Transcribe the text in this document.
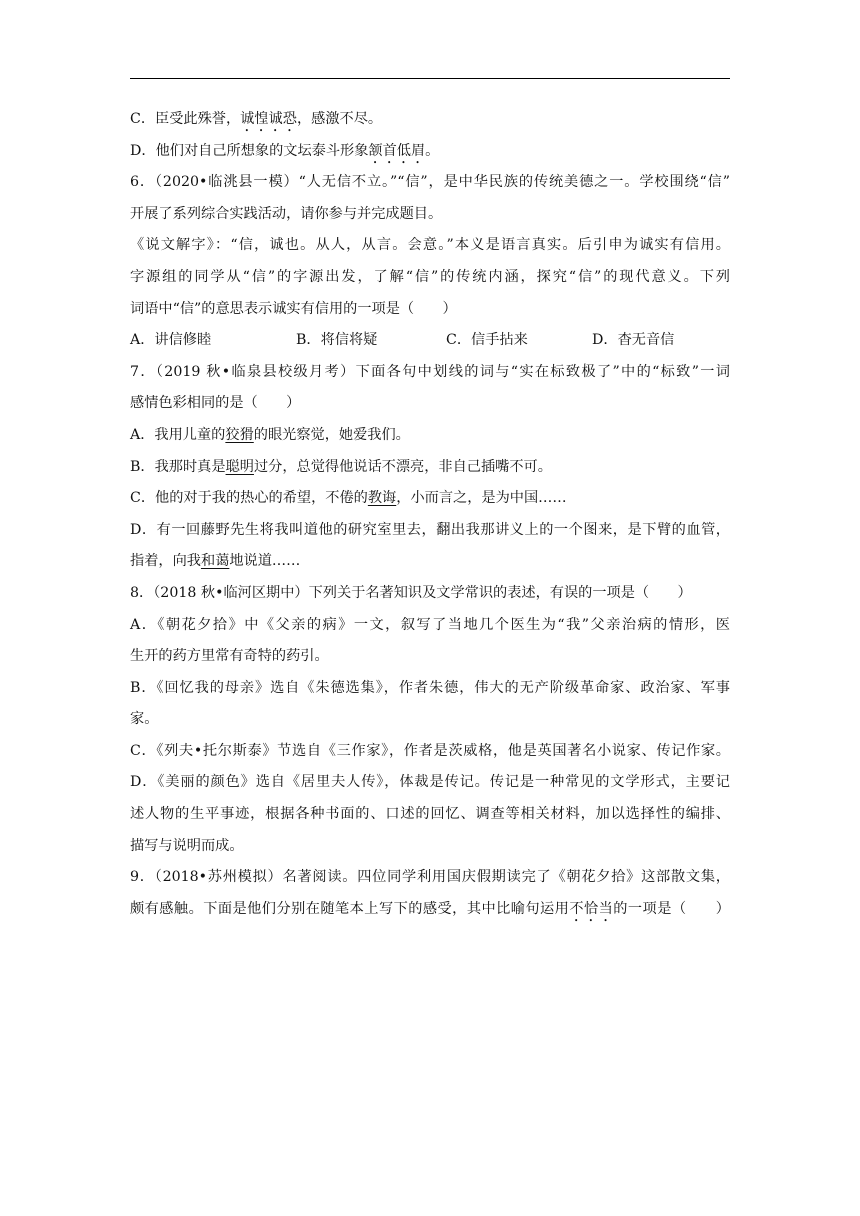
C．臣受此殊誉，诚惶诚恐，感激不尽。

D．他们对自己所想象的文坛泰斗形象颔首低眉。

6．（2020•临洮县一模）“人无信不立。”“信”，是中华民族的传统美德之一。学校围绕“信”

开展了系列综合实践活动，请你参与并完成题目。

《说文解字》：“信，诚也。从人，从言。会意。”本义是语言真实。后引申为诚实有信用。

字源组的同学从“信”的字源出发，了解“信”的传统内涵，探究“信”的现代意义。下列

词语中“信”的意思表示诚实有信用的一项是（　　）

A．讲信修睦	B．将信将疑	C．信手拈来	D．杳无音信

7．（2019 秋•临泉县校级月考）下面各句中划线的词与“实在标致极了”中的“标致”一词

感情色彩相同的是（　　）

A．我用儿童的狡猾的眼光察觉，她爱我们。

B．我那时真是聪明过分，总觉得他说话不漂亮，非自己插嘴不可。

C．他的对于我的热心的希望，不倦的教诲，小而言之，是为中国……

D．有一回藤野先生将我叫道他的研究室里去，翻出我那讲义上的一个图来，是下臂的血管，

指着，向我和蔼地说道……

8．（2018 秋•临河区期中）下列关于名著知识及文学常识的表述，有误的一项是（　　）

A．《朝花夕拾》中《父亲的病》一文，叙写了当地几个医生为“我”父亲治病的情形，医

生开的药方里常有奇特的药引。

B．《回忆我的母亲》选自《朱德选集》，作者朱德，伟大的无产阶级革命家、政治家、军事

家。

C．《列夫•托尔斯泰》节选自《三作家》，作者是茨威格，他是英国著名小说家、传记作家。

D．《美丽的颜色》选自《居里夫人传》，体裁是传记。传记是一种常见的文学形式，主要记

述人物的生平事迹，根据各种书面的、口述的回忆、调查等相关材料，加以选择性的编排、

描写与说明而成。

9．（2018•苏州模拟）名著阅读。四位同学利用国庆假期读完了《朝花夕拾》这部散文集，

颇有感触。下面是他们分别在随笔本上写下的感受，其中比喻句运用不恰当的一项是（　　）
